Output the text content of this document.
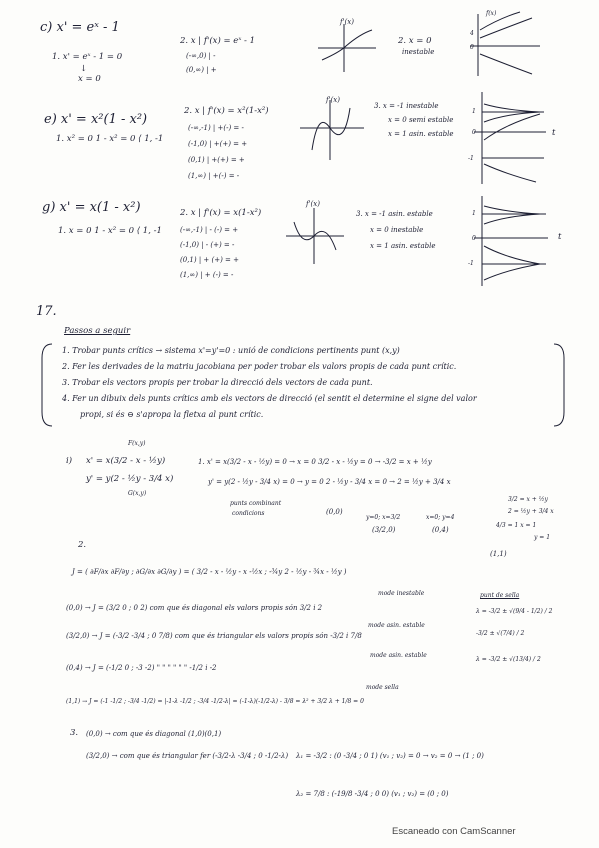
c) x' = eˣ - 1
1. x' = eˣ - 1 = 0
↓
x = 0
2. x | f'(x) = eˣ - 1
(-∞,0) | -
(0,∞) | +
f'(x)
2. x = 0
inestable
e) x' = x²(1 - x²)
1. x² = 0 1 - x² = 0 ⟨ 1, -1
2. x | f'(x) = x²(1-x²)
(-∞,-1) | +(-) = -
(-1,0) | +(+) = +
(0,1) | +(+) = +
(1,∞) | +(-) = -
f'(x)
3. x = -1 inestable
x = 0 semi estable
x = 1 asin. estable
g) x' = x(1 - x²)
1. x = 0 1 - x² = 0 ⟨ 1, -1
2. x | f'(x) = x(1-x²)
(-∞,-1) | - (-) = +
(-1,0) | - (+) = -
(0,1) | + (+) = +
(1,∞) | + (-) = -
f'(x)
3. x = -1 asin. estable
x = 0 inestable
x = 1 asin. estable
f(x)
4
0
t
1
0
-1
t
1
0
-1
17.
Passos a seguir
1. Trobar punts crítics → sistema x'=y'=0 : unió de condicions pertinents punt (x,y)
2. Fer les derivades de la matriu jacobiana per poder trobar els valors propis de cada punt crític.
3. Trobar els vectors propis per trobar la direcció dels vectors de cada punt.
4. Fer un dibuix dels punts crítics amb els vectors de direcció (el sentit el determine el signe del valor
propi, si és ⊖ s'apropa la fletxa al punt crític.
i)
F(x,y)
x' = x(3/2 - x - ½y)
y' = y(2 - ½y - 3/4 x)
G(x,y)
1. x' = x(3/2 - x - ½y) = 0 → x = 0 3/2 - x - ½y = 0 → -3/2 = x + ½y
y' = y(2 - ½y - 3/4 x) = 0 → y = 0 2 - ½y - 3/4 x = 0 → 2 = ½y + 3/4 x
punts combinant
condicions	(0,0)
y=0; x=3/2
(3/2,0)
x=0; y=4
(0,4)
(1,1)
3/2 = x + ½y
2 = ½y + 3/4 x
4/3 = 1 x = 1
y = 1
2.
J = ( ∂F/∂x ∂F/∂y ; ∂G/∂x ∂G/∂y ) = ( 3/2 - x - ½y - x -½x ; -¾y 2 - ½y - ¾x - ½y )
(0,0) → J = (3/2 0 ; 0 2) com que és diagonal els valors propis són 3/2 i 2
(3/2,0) → J = (-3/2 -3/4 ; 0 7/8) com que és triangular els valors propis són -3/2 i 7/8
(0,4) → J = (-1/2 0 ; -3 -2) " " " " " " -1/2 i -2
(1,1) → J = (-1 -1/2 ; -3/4 -1/2) = |-1-λ -1/2 ; -3/4 -1/2-λ| = (-1-λ)(-1/2-λ) - 3/8 = λ² + 3/2 λ + 1/8 = 0
mode inestable
mode asin. estable
mode asin. estable
mode sella
punt de sella
λ = -3/2 ± √(9/4 - 1/2) / 2
-3/2 ± √(7/4) / 2
λ = -3/2 ± √(13/4) / 2
3. (0,0) → com que és diagonal (1,0)(0,1)
(3/2,0) → com que és triangular fer (-3/2-λ -3/4 ; 0 -1/2-λ) λ₁ = -3/2 : (0 -3/4 ; 0 1) (v₁ ; v₂) = 0 → v₂ = 0 → (1 ; 0)
λ₂ = 7/8 : (-19/8 -3/4 ; 0 0) (v₁ ; v₂) = (0 ; 0)
Escaneado con CamScanner
